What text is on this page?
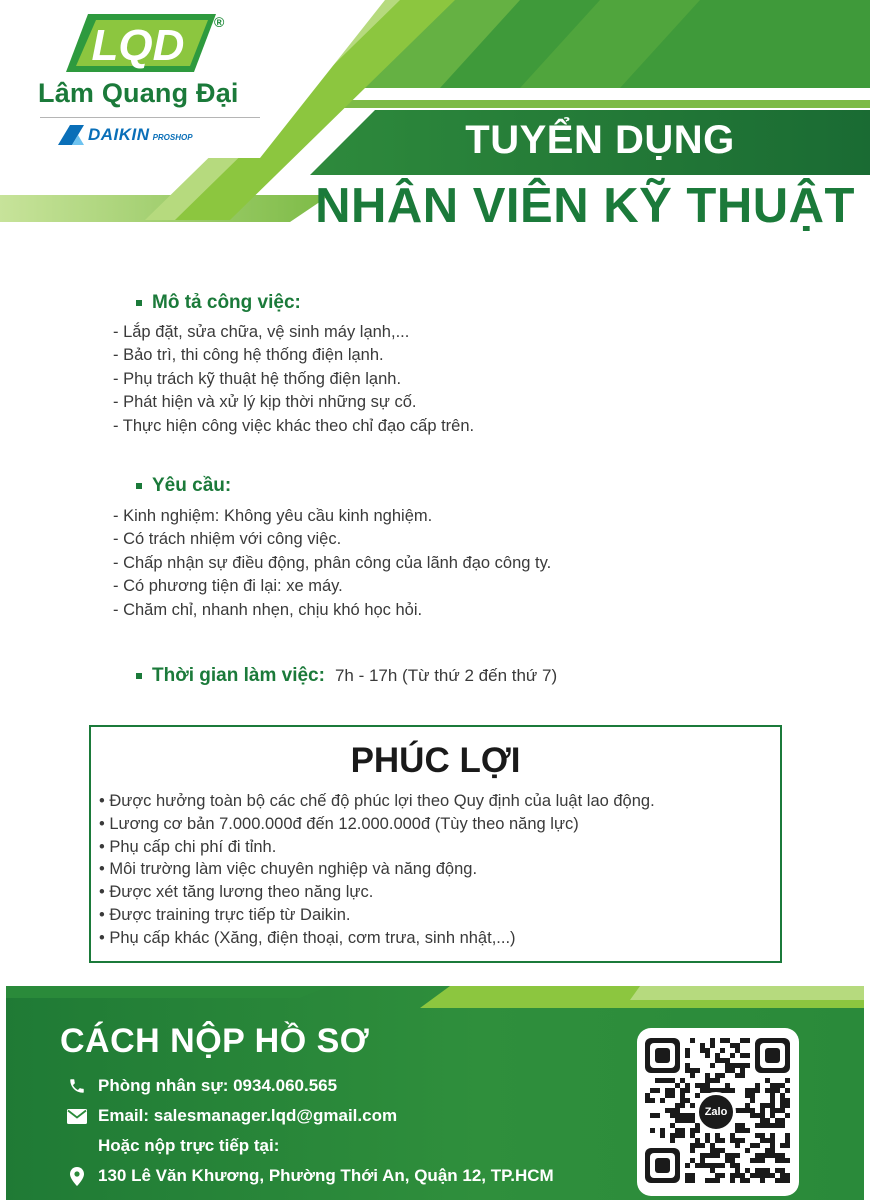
LQD ®
Lâm Quang Đại
DAIKIN PROSHOP	TUYỂN DỤNG
NHÂN VIÊN KỸ THUẬT
Mô tả công việc:
- Lắp đặt, sửa chữa, vệ sinh máy lạnh,...
- Bảo trì, thi công hệ thống điện lạnh.
- Phụ trách kỹ thuật hệ thống điện lạnh.
- Phát hiện và xử lý kịp thời những sự cố.
- Thực hiện công việc khác theo chỉ đạo cấp trên.
Yêu cầu:
- Kinh nghiệm: Không yêu cầu kinh nghiệm.
- Có trách nhiệm với công việc.
- Chấp nhận sự điều động, phân công của lãnh đạo công ty.
- Có phương tiện đi lại: xe máy.
- Chăm chỉ, nhanh nhẹn, chịu khó học hỏi.
Thời gian làm việc: 7h - 17h (Từ thứ 2 đến thứ 7)
PHÚC LỢI
• Được hưởng toàn bộ các chế độ phúc lợi theo Quy định của luật lao động.
• Lương cơ bản 7.000.000đ đến 12.000.000đ (Tùy theo năng lực)
• Phụ cấp chi phí đi tỉnh.
• Môi trường làm việc chuyên nghiệp và năng động.
• Được xét tăng lương theo năng lực.
• Được training trực tiếp từ Daikin.
• Phụ cấp khác (Xăng, điện thoại, cơm trưa, sinh nhật,...)
CÁCH NỘP HỒ SƠ
Phòng nhân sự: 0934.060.565
Email: salesmanager.lqd@gmail.com
Hoặc nộp trực tiếp tại:
130 Lê Văn Khương, Phường Thới An, Quận 12, TP.HCM
Zalo
